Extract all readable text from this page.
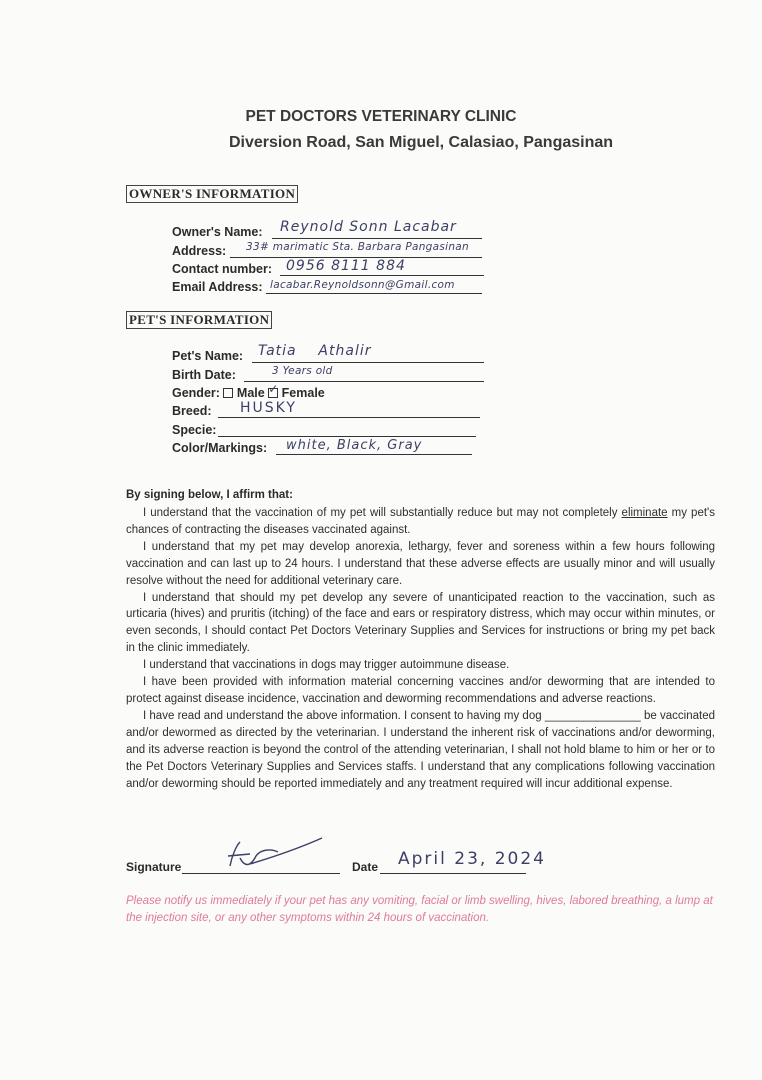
PET DOCTORS VETERINARY CLINIC
Diversion Road, San Miguel, Calasiao, Pangasinan
OWNER'S INFORMATION
Owner's Name: Reynold Sonn Lacabar
Address: 33# marimatic Sta. Barbara Pangasinan
Contact number: 0956 8111 884
Email Address: lacabar.Reynoldsonn@Gmail.com
PET'S INFORMATION
Pet's Name: Tatia    Athalir
Birth Date:	3 Years old
Gender: Male ✓ Female
Breed: HUSKY
Specie:
Color/Markings: white, Black, Gray
By signing below, I affirm that:

I understand that the vaccination of my pet will substantially reduce but may not completely eliminate my pet's chances of contracting the diseases vaccinated against.

I understand that my pet may develop anorexia, lethargy, fever and soreness within a few hours following vaccination and can last up to 24 hours. I understand that these adverse effects are usually minor and will usually resolve without the need for additional veterinary care.

I understand that should my pet develop any severe of unanticipated reaction to the vaccination, such as urticaria (hives) and pruritis (itching) of the face and ears or respiratory distress, which may occur within minutes, or even seconds, I should contact Pet Doctors Veterinary Supplies and Services for instructions or bring my pet back in the clinic immediately.

I understand that vaccinations in dogs may trigger autoimmune disease.

I have been provided with information material concerning vaccines and/or deworming that are intended to protect against disease incidence, vaccination and deworming recommendations and adverse reactions.

I have read and understand the above information. I consent to having my dog _______________ be vaccinated and/or dewormed as directed by the veterinarian. I understand the inherent risk of vaccinations and/or deworming, and its adverse reaction is beyond the control of the attending veterinarian, I shall not hold blame to him or her or to the Pet Doctors Veterinary Supplies and Services staffs. I understand that any complications following vaccination and/or deworming should be reported immediately and any treatment required will incur additional expense.

Signature	Date April 23, 2024
Please notify us immediately if your pet has any vomiting, facial or limb swelling, hives, labored breathing, a lump at the injection site, or any other symptoms within 24 hours of vaccination.
